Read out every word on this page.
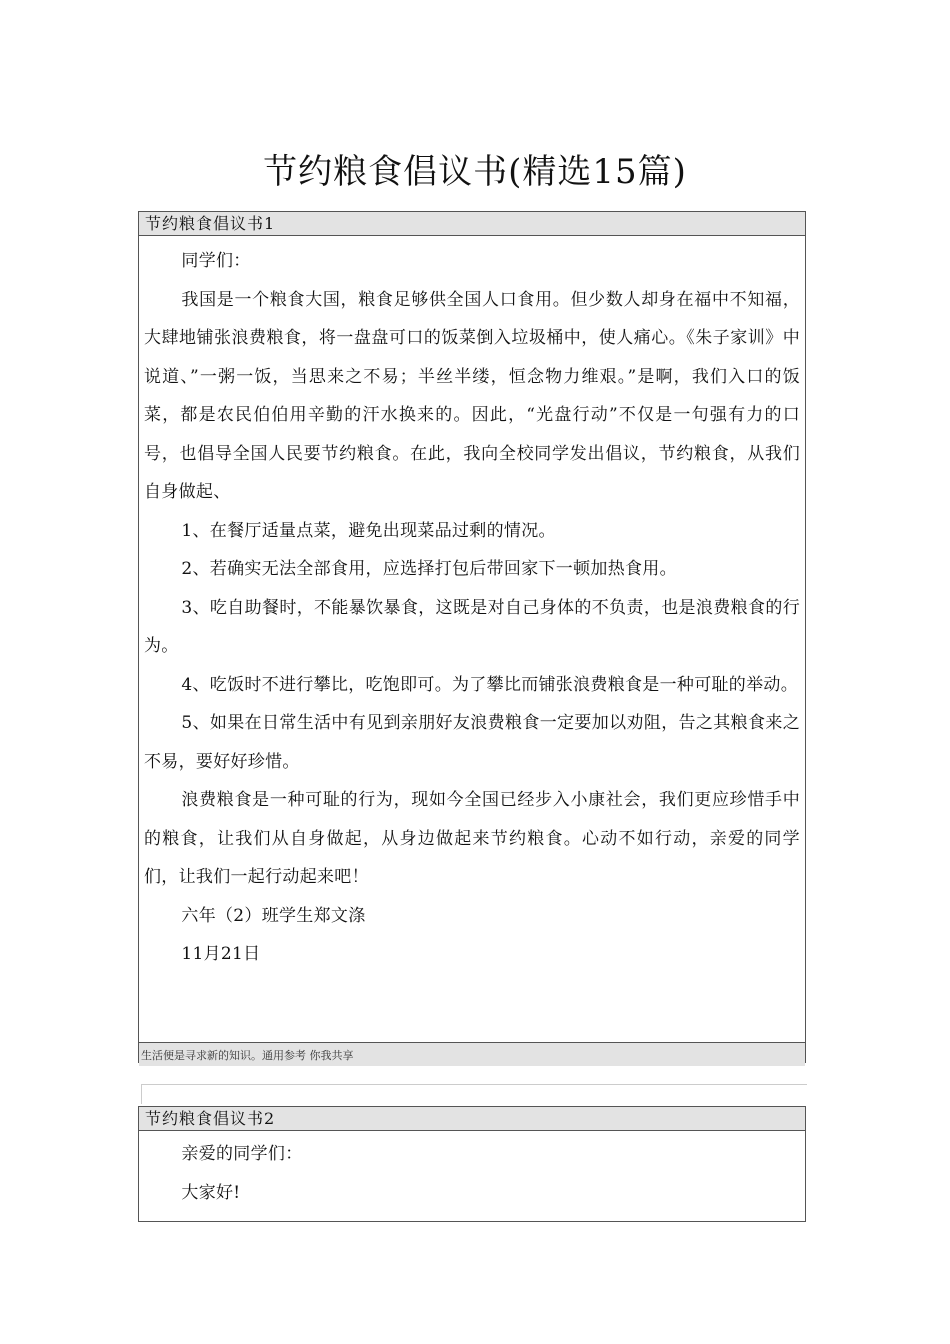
节约粮食倡议书(精选15篇)
节约粮食倡议书1

同学们：

我国是一个粮食大国，粮食足够供全国人口食用。但少数人却身在福中不知福，大肆地铺张浪费粮食，将一盘盘可口的饭菜倒入垃圾桶中，使人痛心。《朱子家训》中说道、”一粥一饭，当思来之不易；半丝半缕，恒念物力维艰。”是啊，我们入口的饭菜，都是农民伯伯用辛勤的汗水换来的。因此，“光盘行动”不仅是一句强有力的口号，也倡导全国人民要节约粮食。在此，我向全校同学发出倡议，节约粮食，从我们自身做起、

1、在餐厅适量点菜，避免出现菜品过剩的情况。

2、若确实无法全部食用，应选择打包后带回家下一顿加热食用。

3、吃自助餐时，不能暴饮暴食，这既是对自己身体的不负责，也是浪费粮食的行为。

4、吃饭时不进行攀比，吃饱即可。为了攀比而铺张浪费粮食是一种可耻的举动。

5、如果在日常生活中有见到亲朋好友浪费粮食一定要加以劝阻，告之其粮食来之不易，要好好珍惜。

浪费粮食是一种可耻的行为，现如今全国已经步入小康社会，我们更应珍惜手中的粮食，让我们从自身做起，从身边做起来节约粮食。心动不如行动，亲爱的同学们，让我们一起行动起来吧！

六年（2）班学生郑文涤

11月21日

生活便是寻求新的知识。通用参考 你我共享
节约粮食倡议书2

亲爱的同学们：

大家好!
